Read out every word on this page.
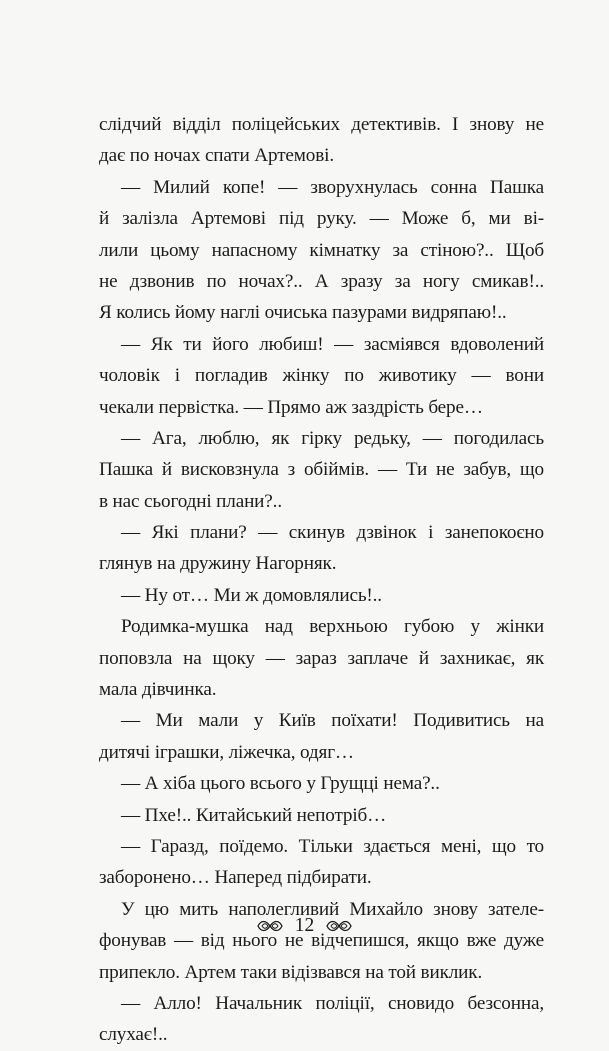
слідчий відділ поліцейських детективів. І знову не
дає по ночах спати Артемові.
— Милий копе! — зворухнулась сонна Пашка
й залізла Артемові під руку. — Може б, ми ві-
лили цьому напасному кімнатку за стіною?.. Щоб
не дзвонив по ночах?.. А зразу за ногу смикав!..
Я колись йому наглі очиська пазурами видряпаю!..
— Як ти його любиш! — засміявся вдоволений
чоловік і погладив жінку по животику — вони
чекали первістка. — Прямо аж заздрість бере…
— Ага, люблю, як гірку редьку, — погодилась
Пашка й висковзнула з обіймів. — Ти не забув, що
в нас сьогодні плани?..
— Які плани? — скинув дзвінок і занепокоєно
глянув на дружину Нагорняк.
— Ну от… Ми ж домовлялись!..
Родимка-мушка над верхньою губою у жінки
поповзла на щоку — зараз заплаче й захникає, як
мала дівчинка.
— Ми мали у Київ поїхати! Подивитись на
дитячі іграшки, ліжечка, одяг…
— А хіба цього всього у Грущці нема?..
— Пхе!.. Китайський непотріб…
— Гаразд, поїдемо. Тільки здається мені, що то
заборонено… Наперед підбирати.
У цю мить наполегливий Михайло знову зателе-
фонував — від нього не відчепишся, якщо вже дуже
припекло. Артем таки відізвався на той виклик.
— Алло! Начальник поліції, сновидо безсонна,
слухає!..
12
